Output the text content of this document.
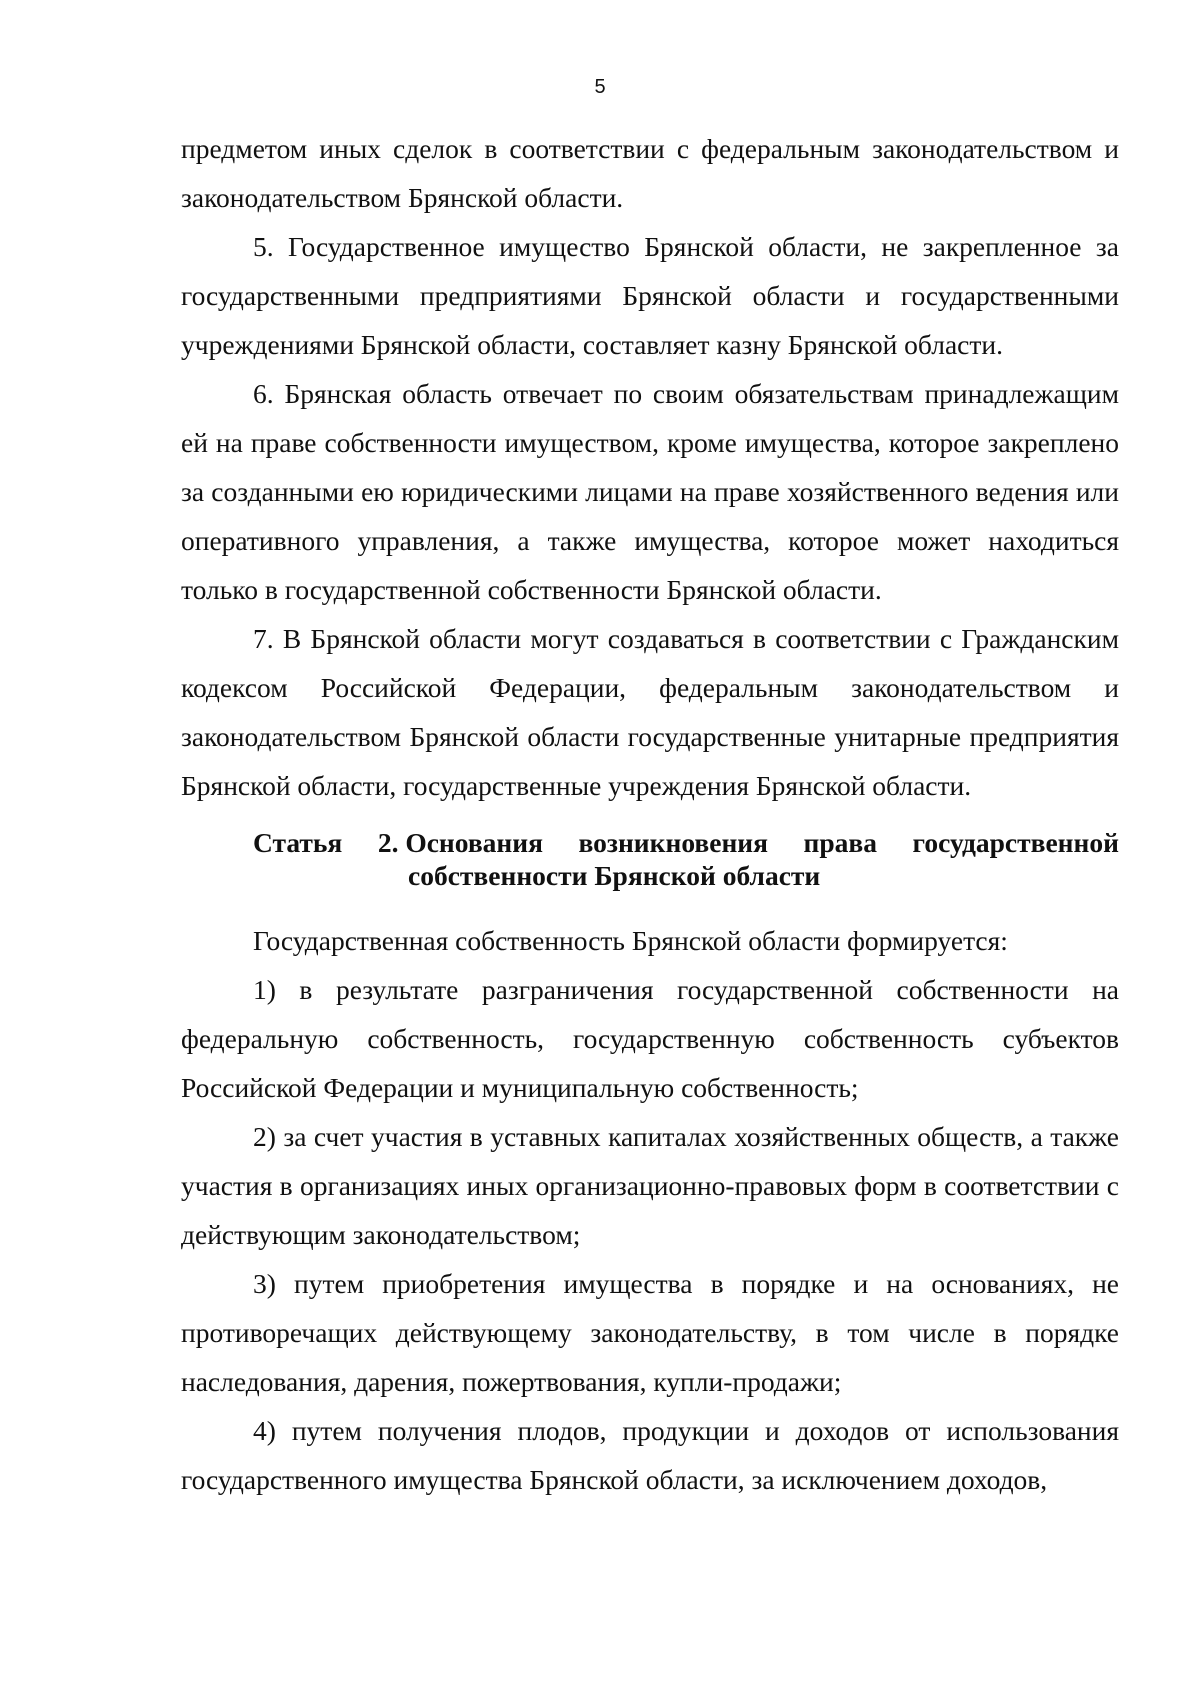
5

предметом иных сделок в соответствии с федеральным законодательством и законодательством Брянской области.

5. Государственное имущество Брянской области, не закрепленное за государственными предприятиями Брянской области и государственными учреждениями Брянской области, составляет казну Брянской области.

6. Брянская область отвечает по своим обязательствам принадлежащим ей на праве собственности имуществом, кроме имущества, которое закреплено за созданными ею юридическими лицами на праве хозяйственного ведения или оперативного управления, а также имущества, которое может находиться только в государственной собственности Брянской области.

7. В Брянской области могут создаваться в соответствии с Гражданским кодексом Российской Федерации, федеральным законодательством и законодательством Брянской области государственные унитарные предприятия Брянской области, государственные учреждения Брянской области.

Статья 2. Основания возникновения права государственной
собственности Брянской области

Государственная собственность Брянской области формируется:

1) в результате разграничения государственной собственности на федеральную собственность, государственную собственность субъектов Российской Федерации и муниципальную собственность;

2) за счет участия в уставных капиталах хозяйственных обществ, а также участия в организациях иных организационно-правовых форм в соответствии с действующим законодательством;

3) путем приобретения имущества в порядке и на основаниях, не противоречащих действующему законодательству, в том числе в порядке наследования, дарения, пожертвования, купли-продажи;

4) путем получения плодов, продукции и доходов от использования государственного имущества Брянской области, за исключением доходов,
